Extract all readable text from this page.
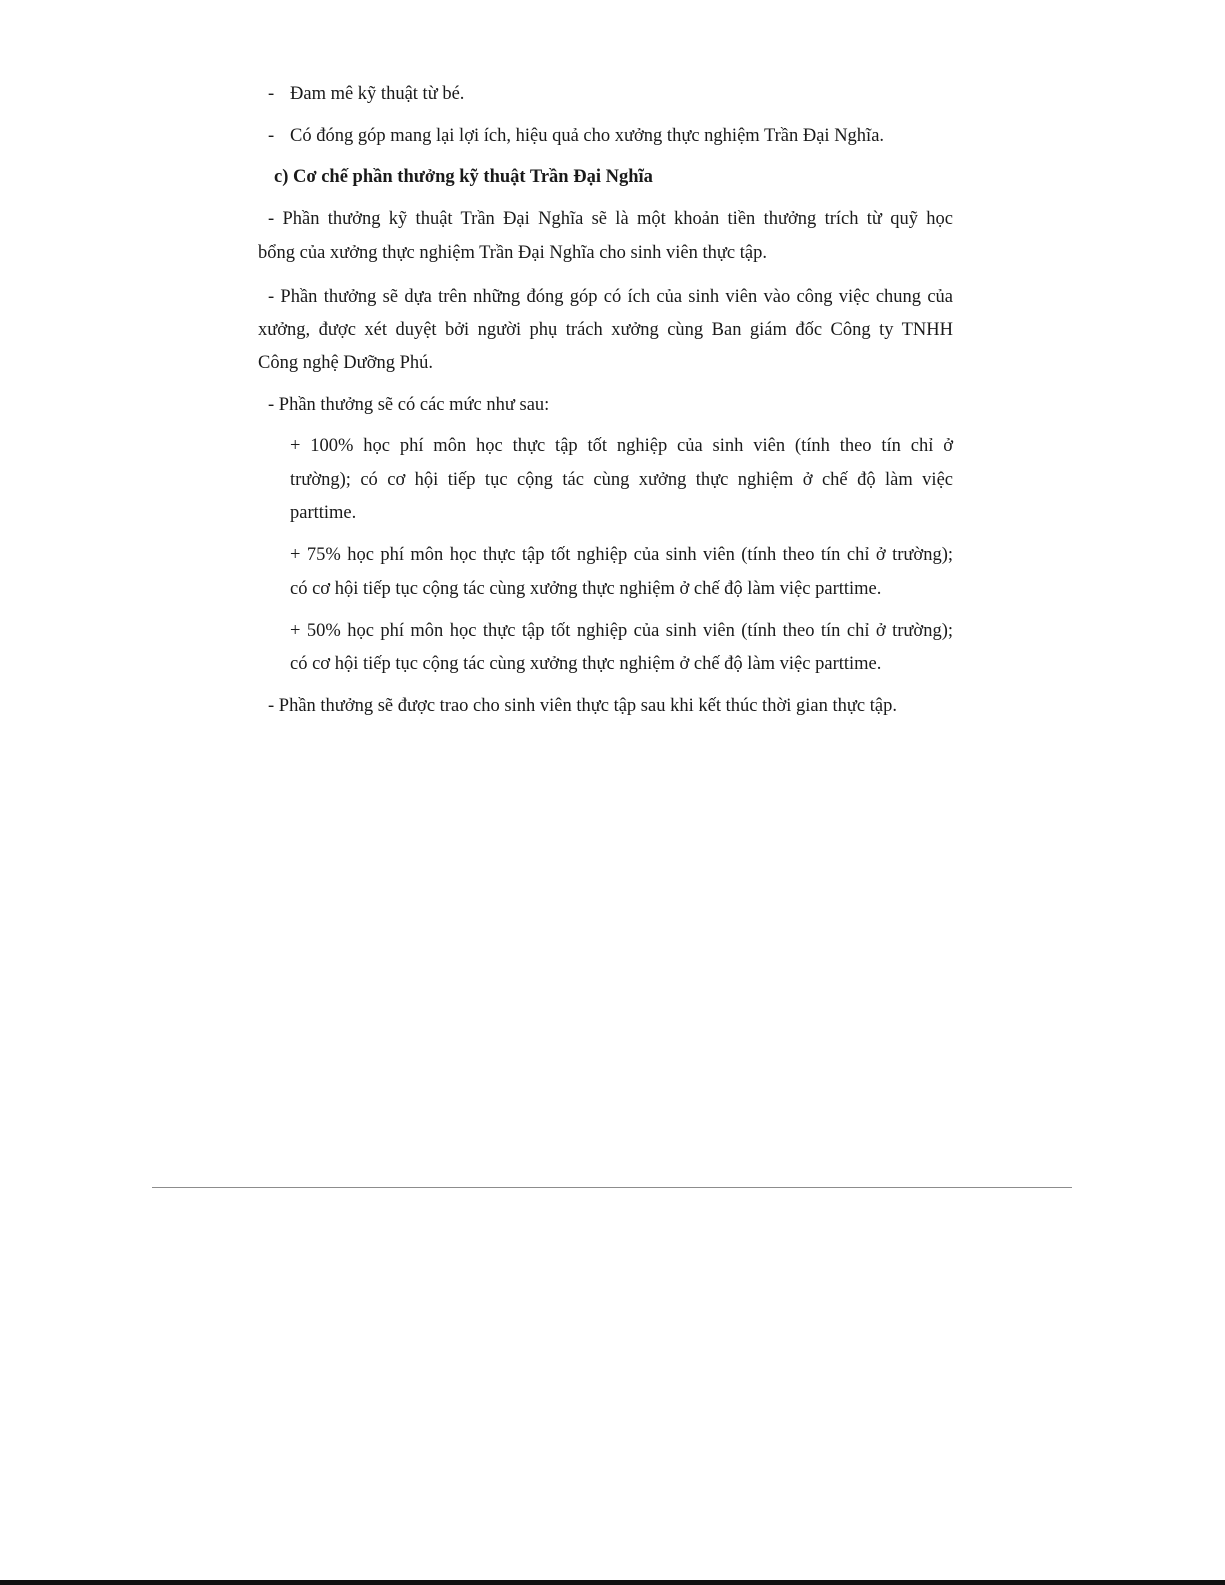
- Đam mê kỹ thuật từ bé.
- Có đóng góp mang lại lợi ích, hiệu quả cho xưởng thực nghiệm Trần Đại Nghĩa.
c) Cơ chế phần thưởng kỹ thuật Trần Đại Nghĩa
- Phần thưởng kỹ thuật Trần Đại Nghĩa sẽ là một khoản tiền thưởng trích từ quỹ học
bổng của xưởng thực nghiệm Trần Đại Nghĩa cho sinh viên thực tập.
- Phần thưởng sẽ dựa trên những đóng góp có ích của sinh viên vào công việc chung của
xưởng, được xét duyệt bởi người phụ trách xưởng cùng Ban giám đốc Công ty TNHH
Công nghệ Dưỡng Phú.
- Phần thưởng sẽ có các mức như sau:
+ 100% học phí môn học thực tập tốt nghiệp của sinh viên (tính theo tín chỉ ở
trường); có cơ hội tiếp tục cộng tác cùng xưởng thực nghiệm ở chế độ làm việc
parttime.
+ 75% học phí môn học thực tập tốt nghiệp của sinh viên (tính theo tín chỉ ở trường);
có cơ hội tiếp tục cộng tác cùng xưởng thực nghiệm ở chế độ làm việc parttime.
+ 50% học phí môn học thực tập tốt nghiệp của sinh viên (tính theo tín chỉ ở trường);
có cơ hội tiếp tục cộng tác cùng xưởng thực nghiệm ở chế độ làm việc parttime.
- Phần thưởng sẽ được trao cho sinh viên thực tập sau khi kết thúc thời gian thực tập.
